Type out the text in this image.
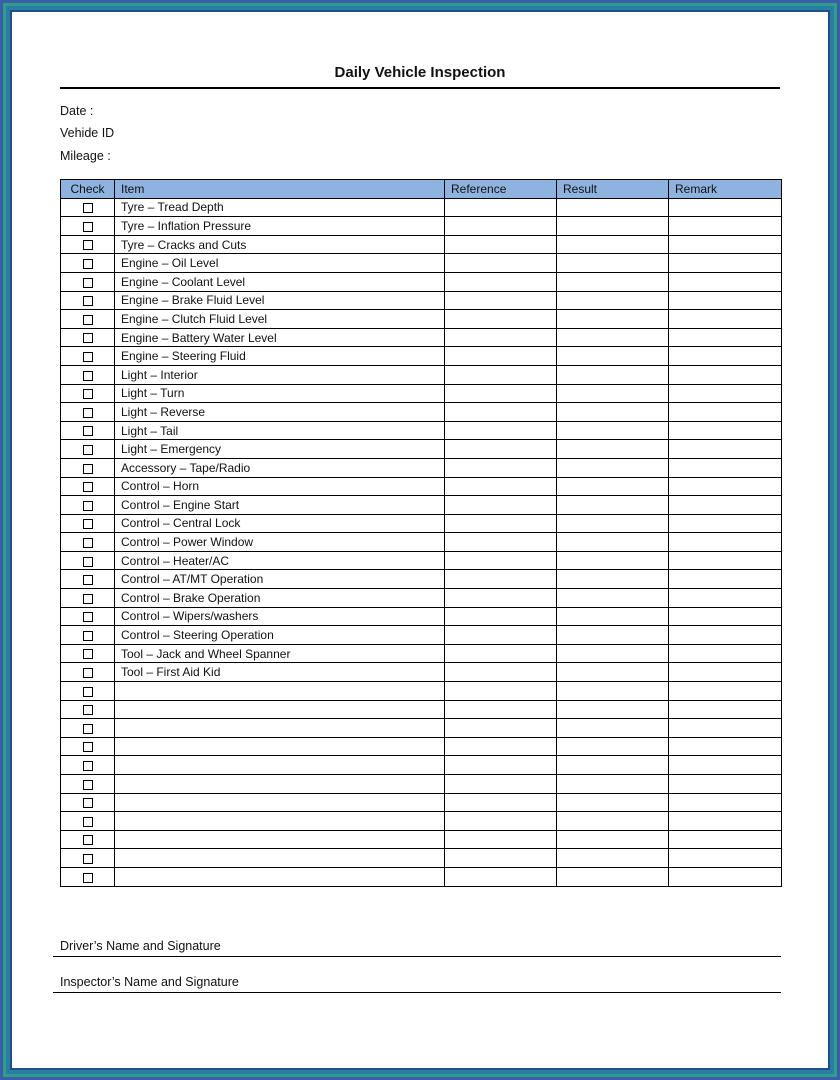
Daily Vehicle Inspection
Date :
Vehide ID
Mileage :
Check	Item	Reference	Result	Remark
	Tyre – Tread Depth			
	Tyre – Inflation Pressure			
	Tyre – Cracks and Cuts			
	Engine – Oil Level			
	Engine – Coolant Level			
	Engine – Brake Fluid Level			
	Engine – Clutch Fluid Level			
	Engine – Battery Water Level			
	Engine – Steering Fluid			
	Light – Interior			
	Light – Turn			
	Light – Reverse			
	Light – Tail			
	Light – Emergency			
	Accessory – Tape/Radio			
	Control – Horn			
	Control – Engine Start			
	Control – Central Lock			
	Control – Power Window			
	Control – Heater/AC			
	Control – AT/MT Operation			
	Control – Brake Operation			
	Control – Wipers/washers			
	Control – Steering Operation			
	Tool – Jack and Wheel Spanner			
	Tool – First Aid Kid			

Driver’s Name and Signature
Inspector’s Name and Signature
